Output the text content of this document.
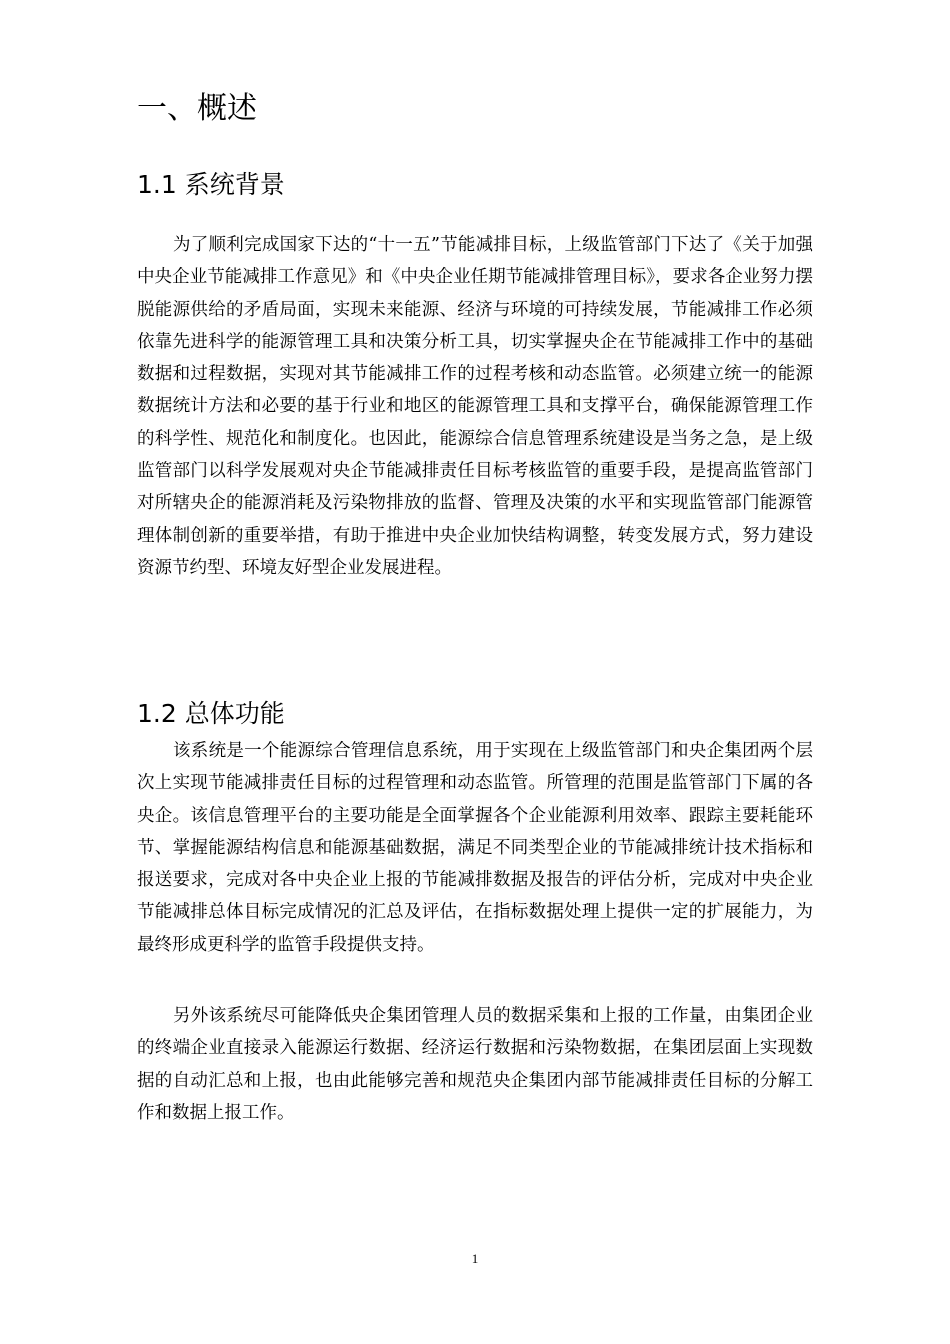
一、概述
1.1 系统背景

为了顺利完成国家下达的“十一五”节能减排目标，上级监管部门下达了《关于加强中央企业节能减排工作意见》和《中央企业任期节能减排管理目标》，要求各企业努力摆脱能源供给的矛盾局面，实现未来能源、经济与环境的可持续发展，节能减排工作必须依靠先进科学的能源管理工具和决策分析工具，切实掌握央企在节能减排工作中的基础数据和过程数据，实现对其节能减排工作的过程考核和动态监管。必须建立统一的能源数据统计方法和必要的基于行业和地区的能源管理工具和支撑平台，确保能源管理工作的科学性、规范化和制度化。也因此，能源综合信息管理系统建设是当务之急，是上级监管部门以科学发展观对央企节能减排责任目标考核监管的重要手段，是提高监管部门对所辖央企的能源消耗及污染物排放的监督、管理及决策的水平和实现监管部门能源管理体制创新的重要举措，有助于推进中央企业加快结构调整，转变发展方式，努力建设资源节约型、环境友好型企业发展进程。

1.2 总体功能

该系统是一个能源综合管理信息系统，用于实现在上级监管部门和央企集团两个层次上实现节能减排责任目标的过程管理和动态监管。所管理的范围是监管部门下属的各央企。该信息管理平台的主要功能是全面掌握各个企业能源利用效率、跟踪主要耗能环节、掌握能源结构信息和能源基础数据，满足不同类型企业的节能减排统计技术指标和报送要求，完成对各中央企业上报的节能减排数据及报告的评估分析，完成对中央企业节能减排总体目标完成情况的汇总及评估，在指标数据处理上提供一定的扩展能力，为最终形成更科学的监管手段提供支持。

另外该系统尽可能降低央企集团管理人员的数据采集和上报的工作量，由集团企业的终端企业直接录入能源运行数据、经济运行数据和污染物数据，在集团层面上实现数据的自动汇总和上报，也由此能够完善和规范央企集团内部节能减排责任目标的分解工作和数据上报工作。

1
